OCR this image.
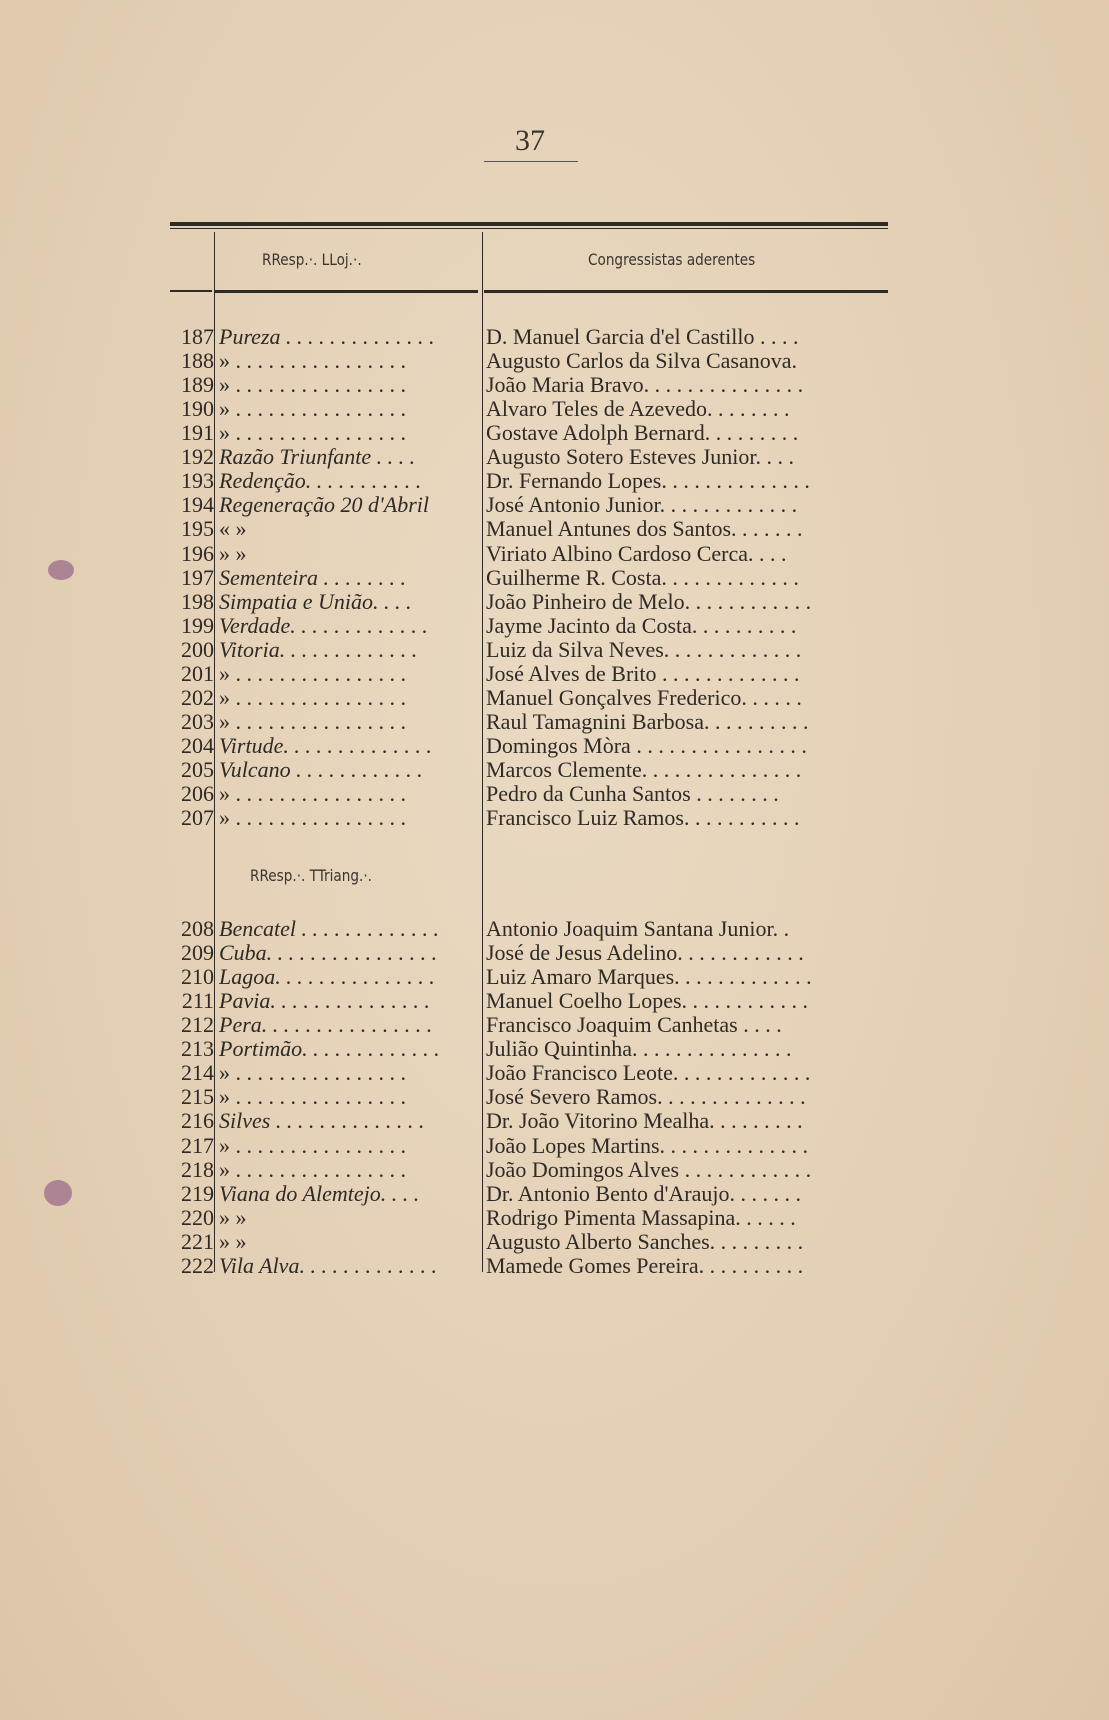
37
RResp.·. LLoj.·.	Congressistas aderentes
187 Pureza . . . . . . . . . . . . . .	D. Manuel Garcia d'el Castillo . . . .
188 » . . . . . . . . . . . . . . . .	Augusto Carlos da Silva Casanova.
189 » . . . . . . . . . . . . . . . .	João Maria Bravo. . . . . . . . . . . . . . .
190 » . . . . . . . . . . . . . . . .	Alvaro Teles de Azevedo. . . . . . . .
191 » . . . . . . . . . . . . . . . .	Gostave Adolph Bernard. . . . . . . . .
192 Razão Triunfante . . . .	Augusto Sotero Esteves Junior. . . .
193 Redenção. . . . . . . . . . .	Dr. Fernando Lopes. . . . . . . . . . . . . .
194 Regeneração 20 d'Abril	José Antonio Junior. . . . . . . . . . . . .
195 « »	Manuel Antunes dos Santos. . . . . . .
196 » »	Viriato Albino Cardoso Cerca. . . .
197 Sementeira . . . . . . . .	Guilherme R. Costa. . . . . . . . . . . . .
198 Simpatia e União. . . .	João Pinheiro de Melo. . . . . . . . . . . .
199 Verdade. . . . . . . . . . . . .	Jayme Jacinto da Costa. . . . . . . . . .
200 Vitoria. . . . . . . . . . . . .	Luiz da Silva Neves. . . . . . . . . . . . .
201 » . . . . . . . . . . . . . . . .	José Alves de Brito . . . . . . . . . . . . .
202 » . . . . . . . . . . . . . . . .	Manuel Gonçalves Frederico. . . . . .
203 » . . . . . . . . . . . . . . . .	Raul Tamagnini Barbosa. . . . . . . . . .
204 Virtude. . . . . . . . . . . . . .	Domingos Mòra . . . . . . . . . . . . . . . .
205 Vulcano . . . . . . . . . . . .	Marcos Clemente. . . . . . . . . . . . . . .
206 » . . . . . . . . . . . . . . . .	Pedro da Cunha Santos . . . . . . . .
207 » . . . . . . . . . . . . . . . .	Francisco Luiz Ramos. . . . . . . . . . .
208 Bencatel . . . . . . . . . . . . .	Antonio Joaquim Santana Junior. .
209 Cuba. . . . . . . . . . . . . . . .	José de Jesus Adelino. . . . . . . . . . . .
210 Lagoa. . . . . . . . . . . . . . .	Luiz Amaro Marques. . . . . . . . . . . . .
211 Pavia. . . . . . . . . . . . . . .	Manuel Coelho Lopes. . . . . . . . . . . .
212 Pera. . . . . . . . . . . . . . . .	Francisco Joaquim Canhetas . . . .
213 Portimão. . . . . . . . . . . . .	Julião Quintinha. . . . . . . . . . . . . . .
214 » . . . . . . . . . . . . . . . .	João Francisco Leote. . . . . . . . . . . . .
215 » . . . . . . . . . . . . . . . .	José Severo Ramos. . . . . . . . . . . . . .
216 Silves . . . . . . . . . . . . . .	Dr. João Vitorino Mealha. . . . . . . . .
217 » . . . . . . . . . . . . . . . .	João Lopes Martins. . . . . . . . . . . . . .
218 » . . . . . . . . . . . . . . . .	João Domingos Alves . . . . . . . . . . . .
219 Viana do Alemtejo. . . .	Dr. Antonio Bento d'Araujo. . . . . . .
220 » »	Rodrigo Pimenta Massapina. . . . . .
221 » »	Augusto Alberto Sanches. . . . . . . . .
222 Vila Alva. . . . . . . . . . . . .	Mamede Gomes Pereira. . . . . . . . . .
RResp.·. TTriang.·.
